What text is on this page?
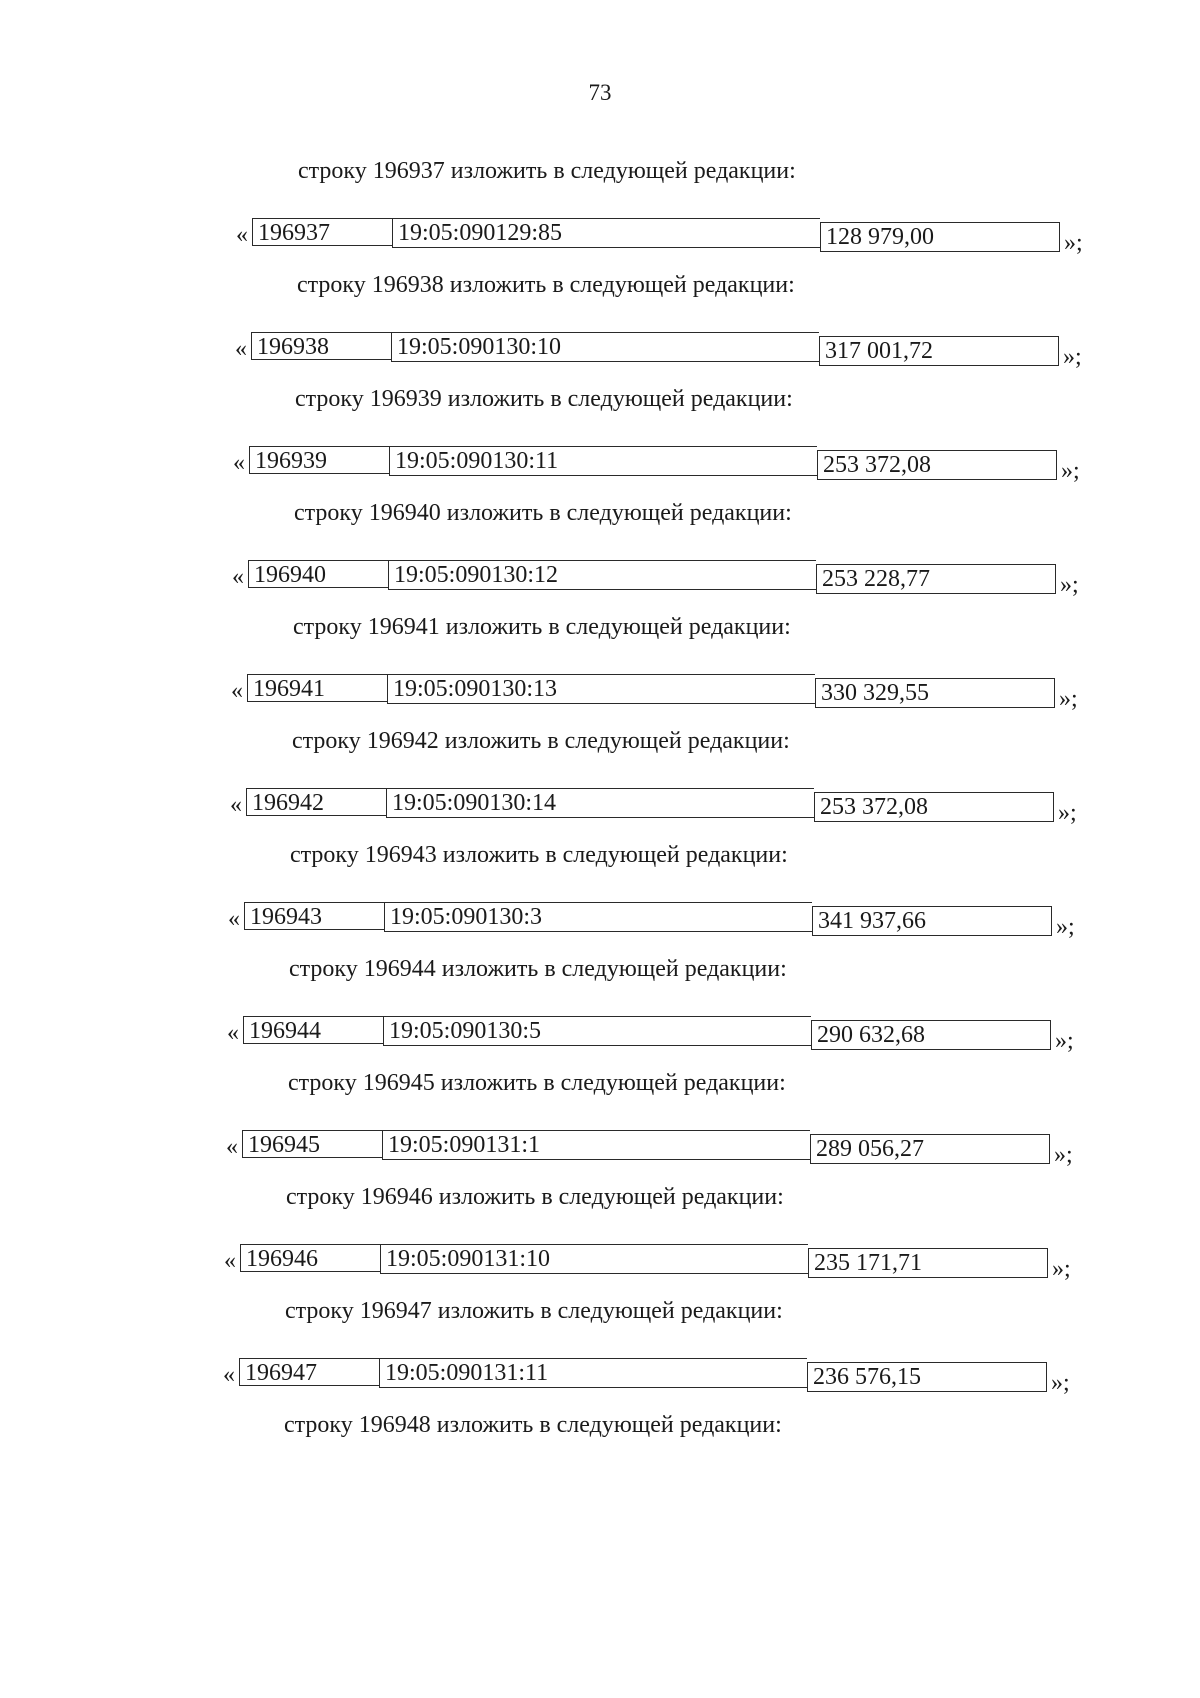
73
строку 196937 изложить в следующей редакции:
« 196937	19:05:090129:85	128 979,00	»;
строку 196938 изложить в следующей редакции:
« 196938	19:05:090130:10	317 001,72	»;
строку 196939 изложить в следующей редакции:
« 196939	19:05:090130:11	253 372,08	»;
строку 196940 изложить в следующей редакции:
« 196940	19:05:090130:12	253 228,77	»;
строку 196941 изложить в следующей редакции:
« 196941	19:05:090130:13	330 329,55	»;
строку 196942 изложить в следующей редакции:
« 196942	19:05:090130:14	253 372,08	»;
строку 196943 изложить в следующей редакции:
« 196943	19:05:090130:3	341 937,66	»;
строку 196944 изложить в следующей редакции:
« 196944	19:05:090130:5	290 632,68	»;
строку 196945 изложить в следующей редакции:
« 196945	19:05:090131:1	289 056,27	»;
строку 196946 изложить в следующей редакции:
« 196946	19:05:090131:10	235 171,71	»;
строку 196947 изложить в следующей редакции:
« 196947	19:05:090131:11	236 576,15	»;
строку 196948 изложить в следующей редакции:
